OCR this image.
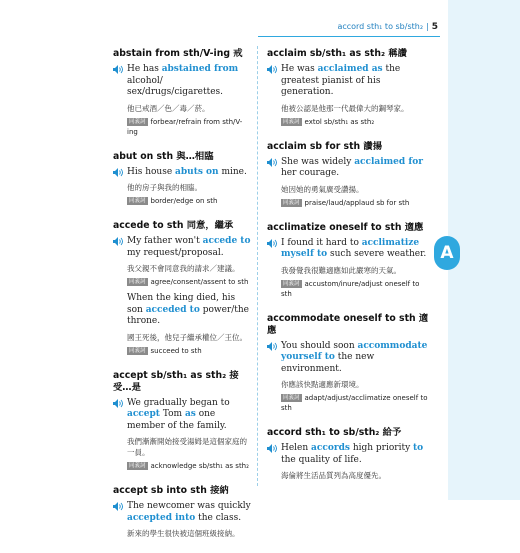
A
accord sth₁ to sb/sth₂ | 5
abstain from sth/V-ing 戒
He has abstained from alcohol/ sex/drugs/cigarettes.
他已戒酒／色／毒／菸。
同義詞 forbear/refrain from sth/V-ing
abut on sth 與…相臨
His house abuts on mine.
他的房子與我的相臨。
同義詞 border/edge on sth
accede to sth 同意，繼承
My father won't accede to my request/proposal.
我父親不會同意我的請求／建議。
同義詞 agree/consent/assent to sth
When the king died, his son acceded to power/the throne.
國王死後，他兒子繼承權位／王位。
同義詞 succeed to sth
accept sb/sth₁ as sth₂ 接受…是
We gradually began to accept Tom as one member of the family.
我們漸漸開始接受湯姆是這個家庭的一員。
同義詞 acknowledge sb/sth₁ as sth₂
accept sb into sth 接納
The newcomer was quickly accepted into the class.
新來的學生很快被這個班級接納。
acclaim sb/sth₁ as sth₂ 稱讚
He was acclaimed as the greatest pianist of his generation.
他被公認是他那一代最偉大的鋼琴家。
同義詞 extol sb/sth₁ as sth₂
acclaim sb for sth 讚揚
She was widely acclaimed for her courage.
她因她的勇氣廣受讚揚。
同義詞 praise/laud/applaud sb for sth
acclimatize oneself to sth 適應
I found it hard to acclimatize myself to such severe weather.
我發覺我很難適應如此嚴寒的天氣。
同義詞 accustom/inure/adjust oneself to sth
accommodate oneself to sth 適應
You should soon accommodate yourself to the new environment.
你應該快點適應新環境。
同義詞 adapt/adjust/acclimatize oneself to sth
accord sth₁ to sb/sth₂ 給予
Helen accords high priority to the quality of life.
海倫將生活品質列為高度優先。
